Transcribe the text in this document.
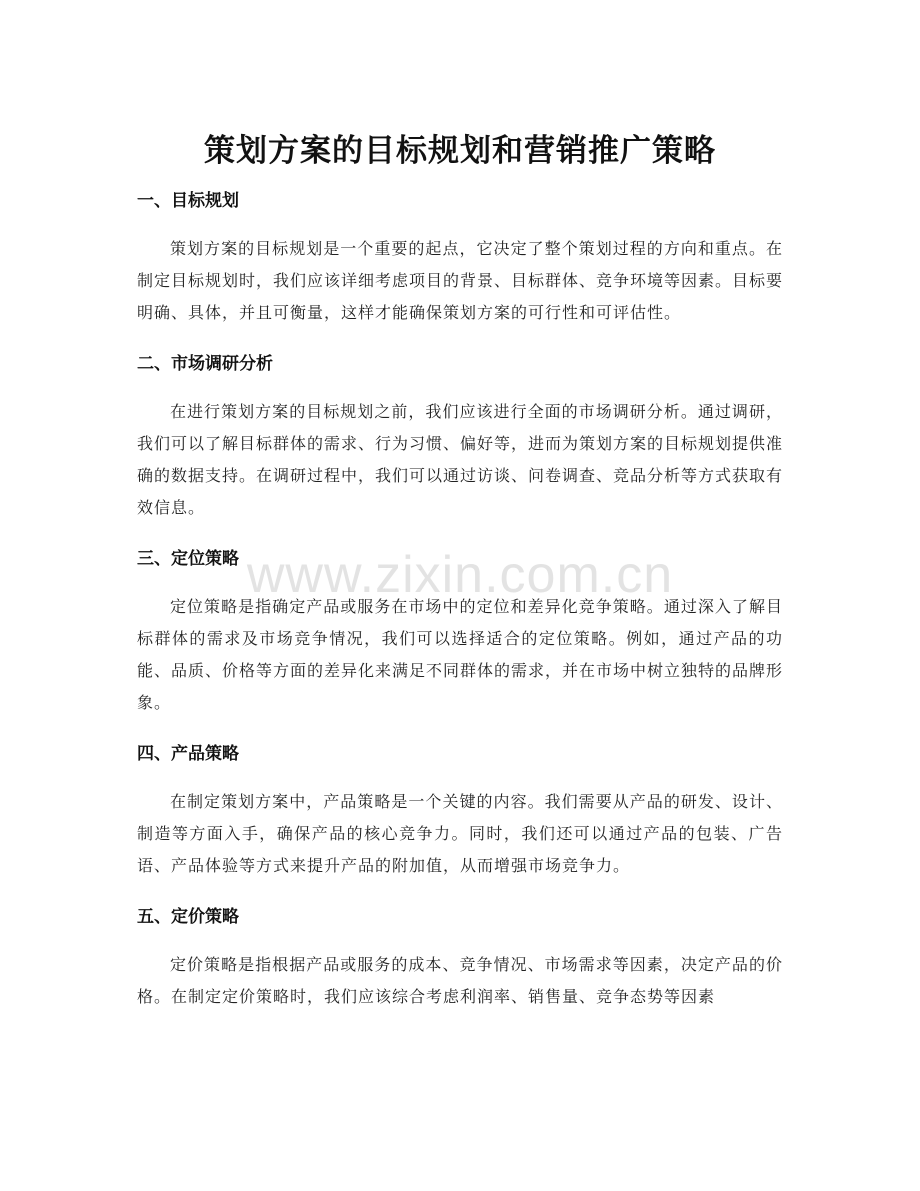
策划方案的目标规划和营销推广策略
一、目标规划

策划方案的目标规划是一个重要的起点，它决定了整个策划过程的方向和重点。在制定目标规划时，我们应该详细考虑项目的背景、目标群体、竞争环境等因素。目标要明确、具体，并且可衡量，这样才能确保策划方案的可行性和可评估性。

二、市场调研分析

在进行策划方案的目标规划之前，我们应该进行全面的市场调研分析。通过调研，我们可以了解目标群体的需求、行为习惯、偏好等，进而为策划方案的目标规划提供准确的数据支持。在调研过程中，我们可以通过访谈、问卷调查、竞品分析等方式获取有效信息。

三、定位策略

定位策略是指确定产品或服务在市场中的定位和差异化竞争策略。通过深入了解目标群体的需求及市场竞争情况，我们可以选择适合的定位策略。例如，通过产品的功能、品质、价格等方面的差异化来满足不同群体的需求，并在市场中树立独特的品牌形象。

四、产品策略

在制定策划方案中，产品策略是一个关键的内容。我们需要从产品的研发、设计、制造等方面入手，确保产品的核心竞争力。同时，我们还可以通过产品的包装、广告语、产品体验等方式来提升产品的附加值，从而增强市场竞争力。

五、定价策略

定价策略是指根据产品或服务的成本、竞争情况、市场需求等因素，决定产品的价格。在制定定价策略时，我们应该综合考虑利润率、销售量、竞争态势等因素

www.zixin.com.cn
